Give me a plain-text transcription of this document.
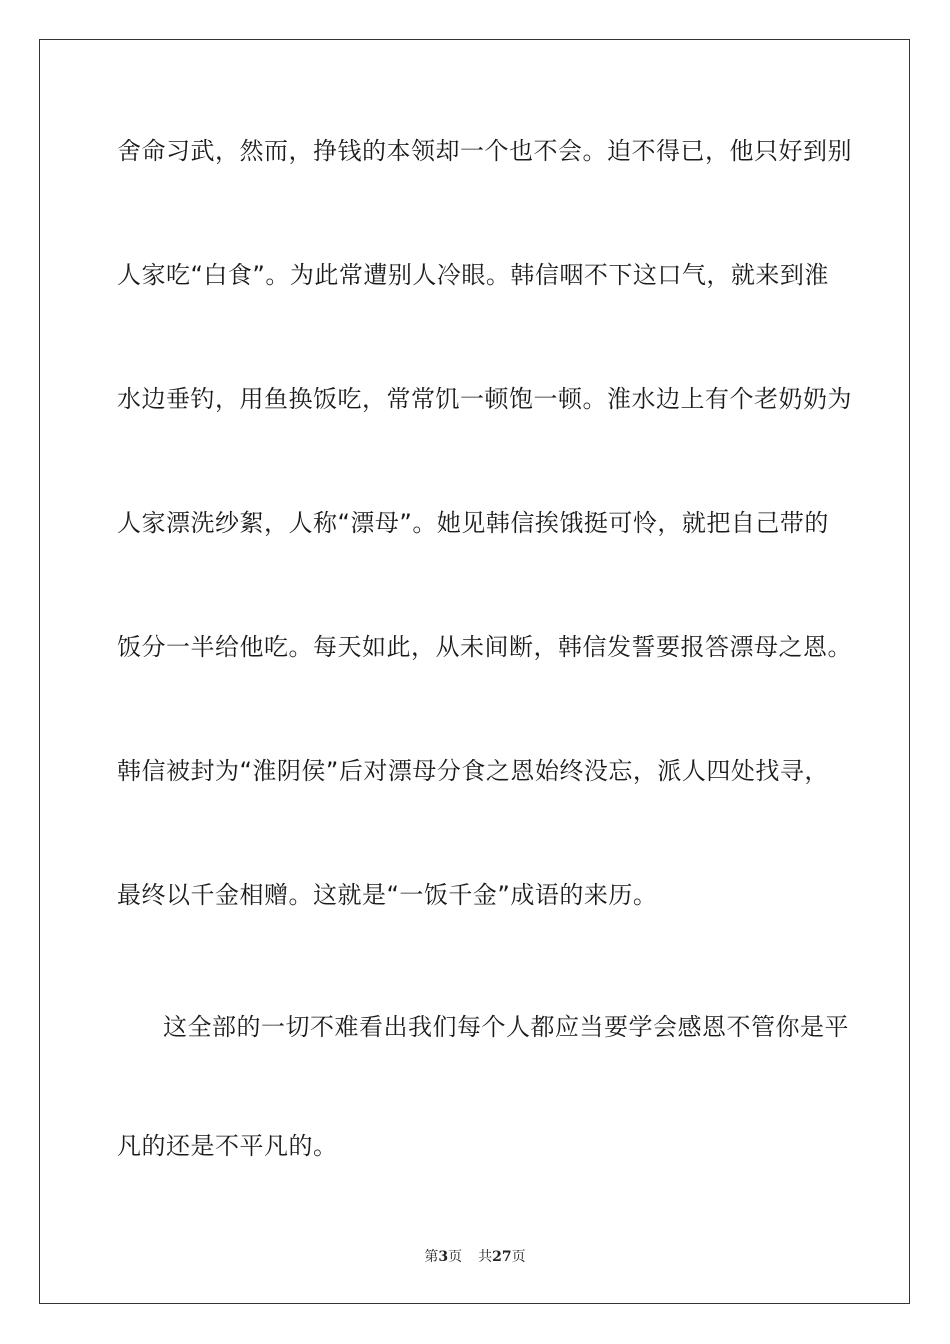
舍命习武，然而，挣钱的本领却一个也不会。迫不得已，他只好到别
人家吃“白食”。为此常遭别人冷眼。韩信咽不下这口气，就来到淮
水边垂钓，用鱼换饭吃，常常饥一顿饱一顿。淮水边上有个老奶奶为
人家漂洗纱絮，人称“漂母”。她见韩信挨饿挺可怜，就把自己带的
饭分一半给他吃。每天如此，从未间断，韩信发誓要报答漂母之恩。
韩信被封为“淮阴侯”后对漂母分食之恩始终没忘，派人四处找寻，
最终以千金相赠。这就是“一饭千金”成语的来历。
这全部的一切不难看出我们每个人都应当要学会感恩不管你是平
凡的还是不平凡的。
第3页 共27页
